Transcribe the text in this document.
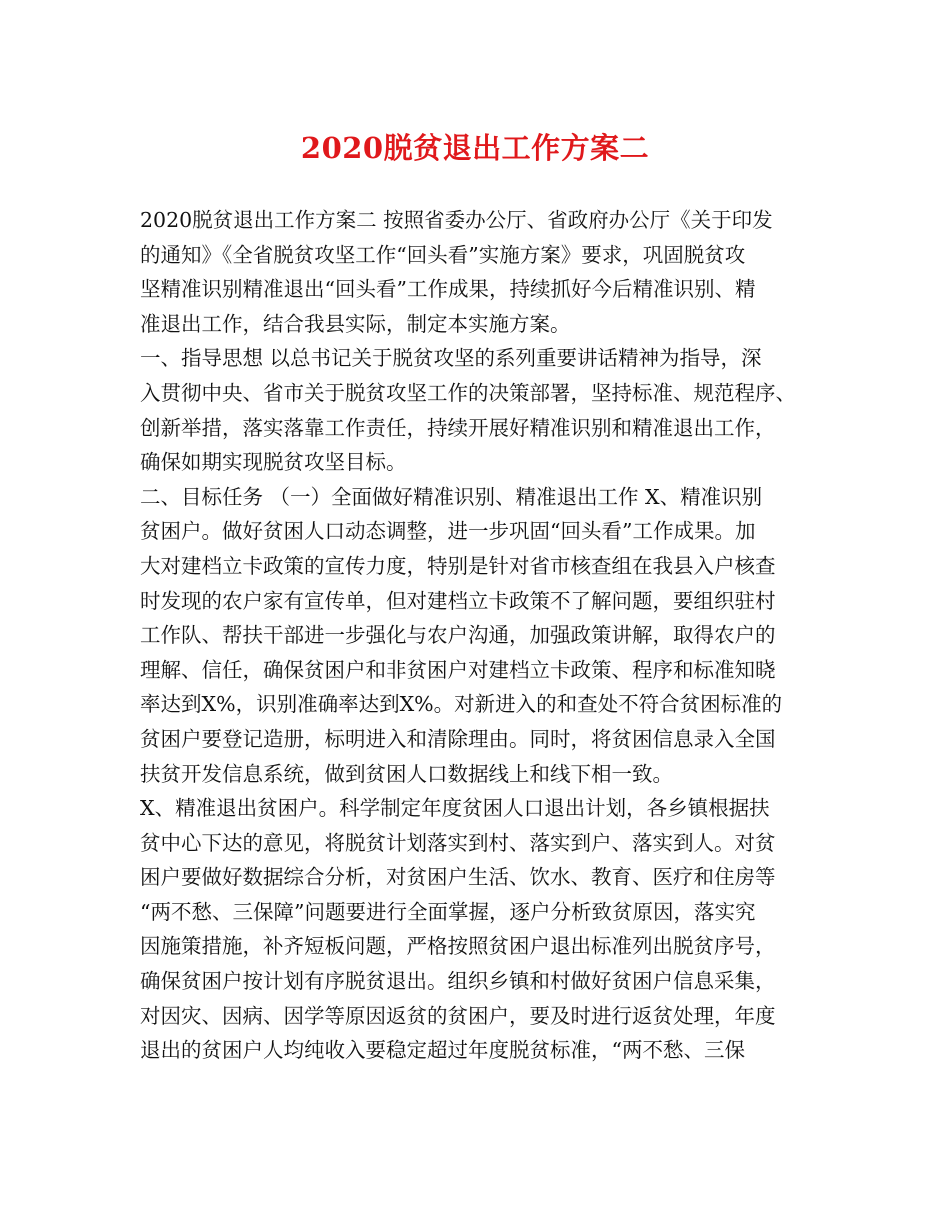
2020脱贫退出工作方案二
2020脱贫退出工作方案二 按照省委办公厅、省政府办公厅《关于印发
的通知》《全省脱贫攻坚工作“回头看”实施方案》要求，巩固脱贫攻
坚精准识别精准退出“回头看”工作成果，持续抓好今后精准识别、精
准退出工作，结合我县实际，制定本实施方案。
一、指导思想 以总书记关于脱贫攻坚的系列重要讲话精神为指导，深
入贯彻中央、省市关于脱贫攻坚工作的决策部署，坚持标准、规范程序、
创新举措，落实落靠工作责任，持续开展好精准识别和精准退出工作，
确保如期实现脱贫攻坚目标。
二、目标任务 （一）全面做好精准识别、精准退出工作 X、精准识别
贫困户。做好贫困人口动态调整，进一步巩固“回头看”工作成果。加
大对建档立卡政策的宣传力度，特别是针对省市核查组在我县入户核查
时发现的农户家有宣传单，但对建档立卡政策不了解问题，要组织驻村
工作队、帮扶干部进一步强化与农户沟通，加强政策讲解，取得农户的
理解、信任，确保贫困户和非贫困户对建档立卡政策、程序和标准知晓
率达到X%，识别准确率达到X%。对新进入的和查处不符合贫困标准的
贫困户要登记造册，标明进入和清除理由。同时，将贫困信息录入全国
扶贫开发信息系统，做到贫困人口数据线上和线下相一致。
X、精准退出贫困户。科学制定年度贫困人口退出计划，各乡镇根据扶
贫中心下达的意见，将脱贫计划落实到村、落实到户、落实到人。对贫
困户要做好数据综合分析，对贫困户生活、饮水、教育、医疗和住房等
“两不愁、三保障”问题要进行全面掌握，逐户分析致贫原因，落实究
因施策措施，补齐短板问题，严格按照贫困户退出标准列出脱贫序号，
确保贫困户按计划有序脱贫退出。组织乡镇和村做好贫困户信息采集，
对因灾、因病、因学等原因返贫的贫困户，要及时进行返贫处理，年度
退出的贫困户人均纯收入要稳定超过年度脱贫标准，“两不愁、三保
